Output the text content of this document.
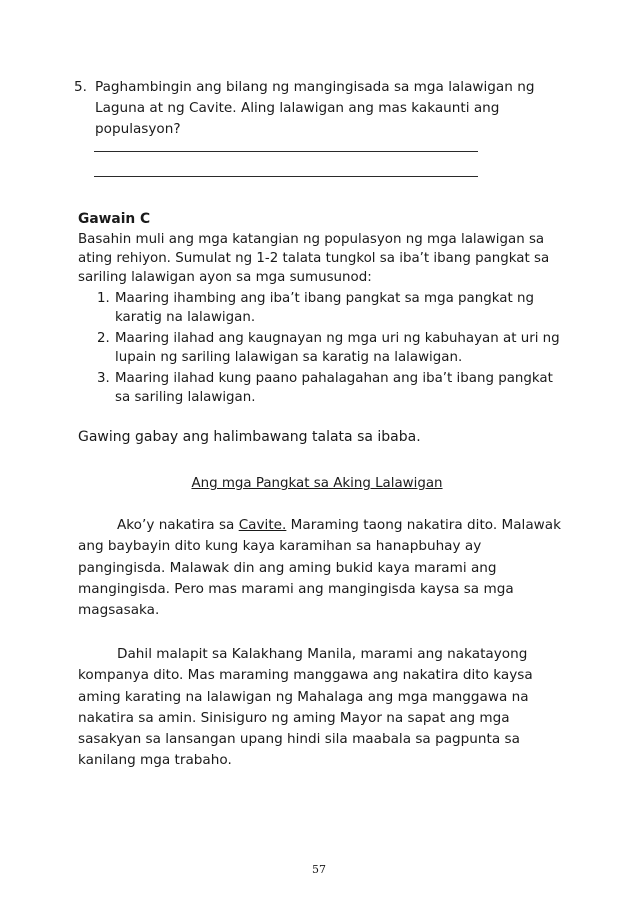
5. Paghambingin ang bilang ng mangingisada sa mga lalawigan ng Laguna at ng Cavite. Aling lalawigan ang mas kakaunti ang populasyon?
Gawain C
Basahin muli ang mga katangian ng populasyon ng mga lalawigan sa ating rehiyon. Sumulat ng 1-2 talata tungkol sa iba’t ibang pangkat sa sariling lalawigan ayon sa mga sumusunod:
1. Maaring ihambing ang iba’t ibang pangkat sa mga pangkat ng karatig na lalawigan.
2. Maaring ilahad ang kaugnayan ng mga uri ng kabuhayan at uri ng lupain ng sariling lalawigan sa karatig na lalawigan.
3. Maaring ilahad kung paano pahalagahan ang iba’t ibang pangkat sa sariling lalawigan.
Gawing gabay ang halimbawang talata sa ibaba.
Ang mga Pangkat sa Aking Lalawigan
Ako’y nakatira sa Cavite. Maraming taong nakatira dito. Malawak ang baybayin dito kung kaya karamihan sa hanapbuhay ay pangingisda. Malawak din ang aming bukid kaya marami ang mangingisda. Pero mas marami ang mangingisda kaysa sa mga magsasaka.
Dahil malapit sa Kalakhang Manila, marami ang nakatayong kompanya dito. Mas maraming manggawa ang nakatira dito kaysa aming karating na lalawigan ng Mahalaga ang mga manggawa na nakatira sa amin. Sinisiguro ng aming Mayor na sapat ang mga sasakyan sa lansangan upang hindi sila maabala sa pagpunta sa kanilang mga trabaho.
57
